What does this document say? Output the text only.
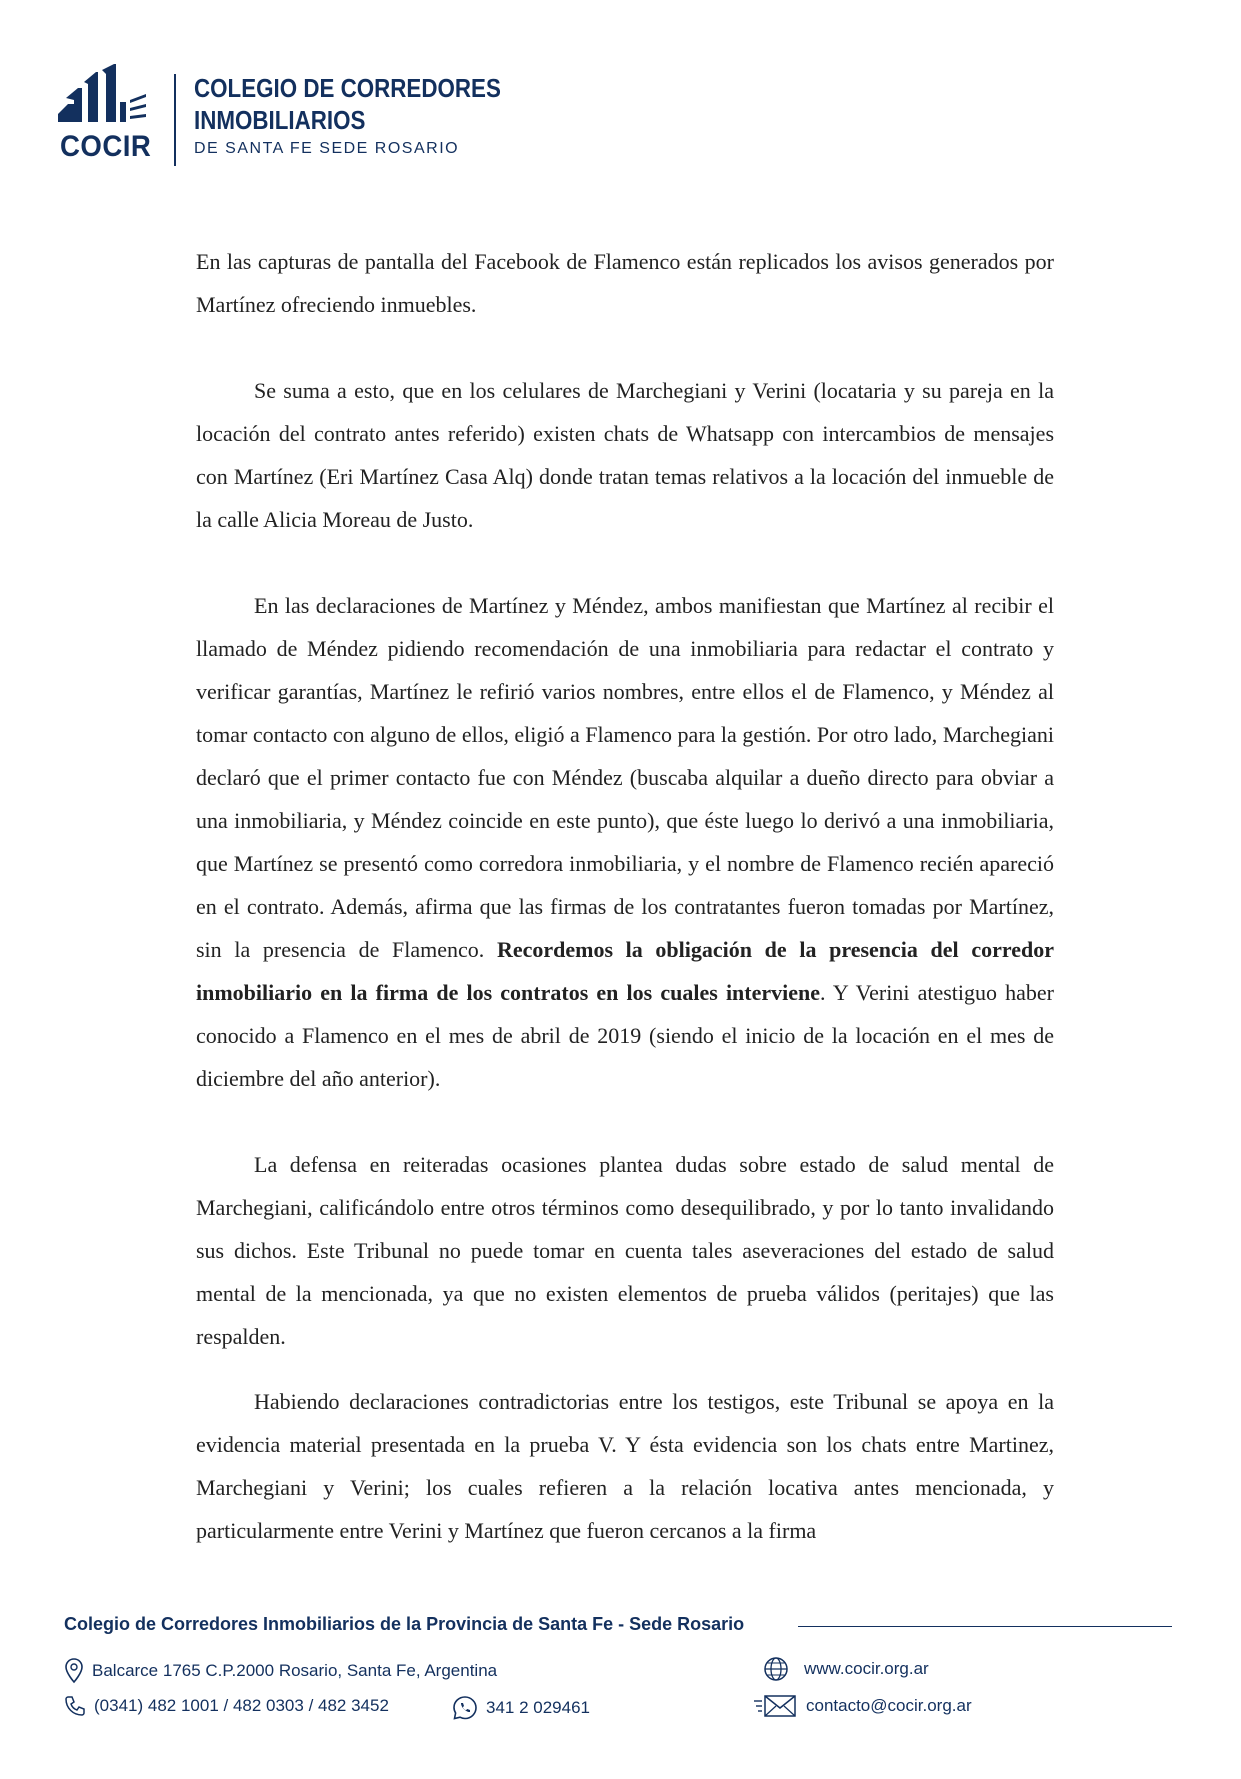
COCIR
COLEGIO DE CORREDORES
INMOBILIARIOS
DE SANTA FE SEDE ROSARIO

En las capturas de pantalla del Facebook de Flamenco están replicados los avisos generados por Martínez ofreciendo inmuebles.

Se suma a esto, que en los celulares de Marchegiani y Verini (locataria y su pareja en la locación del contrato antes referido) existen chats de Whatsapp con intercambios de mensajes con Martínez (Eri Martínez Casa Alq) donde tratan temas relativos a la locación del inmueble de la calle Alicia Moreau de Justo.

En las declaraciones de Martínez y Méndez, ambos manifiestan que Martínez al recibir el llamado de Méndez pidiendo recomendación de una inmobiliaria para redactar el contrato y verificar garantías, Martínez le refirió varios nombres, entre ellos el de Flamenco, y Méndez al tomar contacto con alguno de ellos, eligió a Flamenco para la gestión. Por otro lado, Marchegiani declaró que el primer contacto fue con Méndez (buscaba alquilar a dueño directo para obviar a una inmobiliaria, y Méndez coincide en este punto), que éste luego lo derivó a una inmobiliaria, que Martínez se presentó como corredora inmobiliaria, y el nombre de Flamenco recién apareció en el contrato. Además, afirma que las firmas de los contratantes fueron tomadas por Martínez, sin la presencia de Flamenco. Recordemos la obligación de la presencia del corredor inmobiliario en la firma de los contratos en los cuales interviene. Y Verini atestiguo haber conocido a Flamenco en el mes de abril de 2019 (siendo el inicio de la locación en el mes de diciembre del año anterior).

La defensa en reiteradas ocasiones plantea dudas sobre estado de salud mental de Marchegiani, calificándolo entre otros términos como desequilibrado, y por lo tanto invalidando sus dichos. Este Tribunal no puede tomar en cuenta tales aseveraciones del estado de salud mental de la mencionada, ya que no existen elementos de prueba válidos (peritajes) que las respalden.

Habiendo declaraciones contradictorias entre los testigos, este Tribunal se apoya en la evidencia material presentada en la prueba V. Y ésta evidencia son los chats entre Martinez, Marchegiani y Verini; los cuales refieren a la relación locativa antes mencionada, y particularmente entre Verini y Martínez que fueron cercanos a la firma

Colegio de Corredores Inmobiliarios de la Provincia de Santa Fe - Sede Rosario
Balcarce 1765 C.P.2000 Rosario, Santa Fe, Argentina
(0341) 482 1001 / 482 0303 / 482 3452	341 2 029461
www.cocir.org.ar
contacto@cocir.org.ar
